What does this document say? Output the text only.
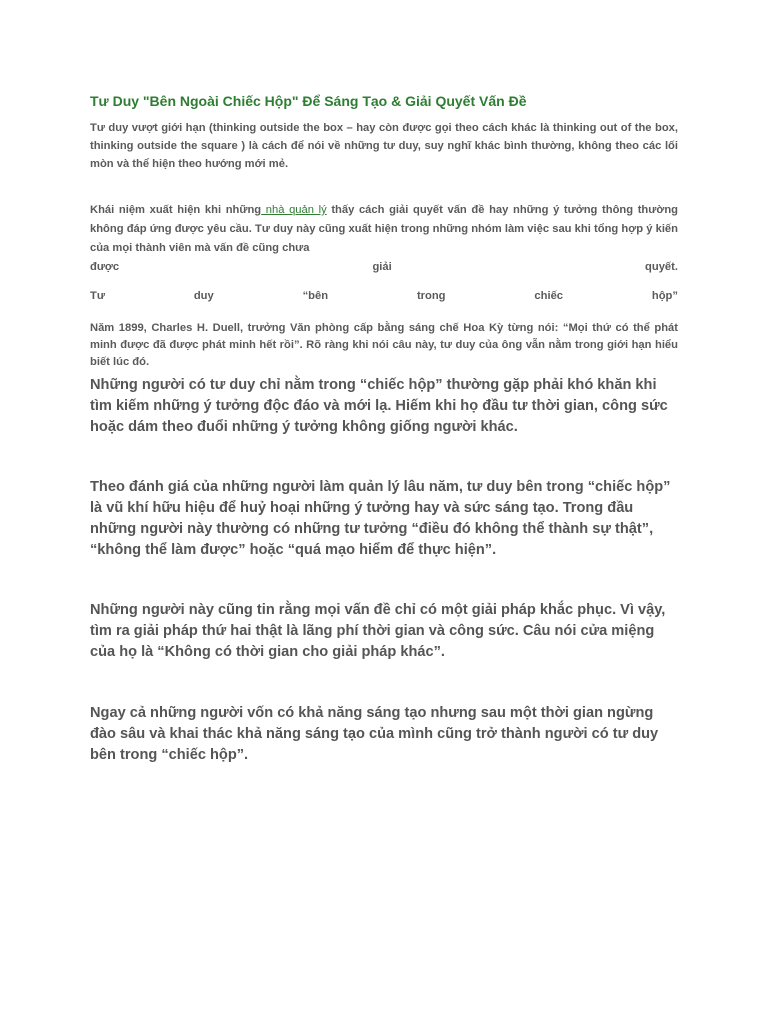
Tư Duy "Bên Ngoài Chiếc Hộp" Để Sáng Tạo & Giải Quyết Vấn Đề
Tư duy vượt giới hạn (thinking outside the box – hay còn được gọi theo cách khác là thinking out of the box, thinking outside the square ) là cách để nói về những tư duy, suy nghĩ khác bình thường, không theo các lối mòn và thể hiện theo hướng mới mẻ.
Khái niệm xuất hiện khi những nhà quản lý thấy cách giải quyết vấn đề hay những ý tưởng thông thường không đáp ứng được yêu cầu. Tư duy này cũng xuất hiện trong những nhóm làm việc sau khi tổng hợp ý kiến của mọi thành viên mà vấn đề cũng chưa
được	giải	quyết.
Tư	duy	“bên	trong	chiếc	hộp”
Năm 1899, Charles H. Duell, trưởng Văn phòng cấp bằng sáng chế Hoa Kỳ từng nói: “Mọi thứ có thể phát minh được đã được phát minh hết rồi”. Rõ ràng khi nói câu này, tư duy của ông vẫn nằm trong giới hạn hiểu biết lúc đó.
Những người có tư duy chỉ nằm trong “chiếc hộp” thường gặp phải khó khăn khi tìm kiếm những ý tưởng độc đáo và mới lạ. Hiếm khi họ đầu tư thời gian, công sức hoặc dám theo đuổi những ý tưởng không giống người khác.
Theo đánh giá của những người làm quản lý lâu năm, tư duy bên trong “chiếc hộp” là vũ khí hữu hiệu để huỷ hoại những ý tưởng hay và sức sáng tạo. Trong đầu những người này thường có những tư tưởng “điều đó không thể thành sự thật”, “không thể làm được” hoặc “quá mạo hiểm để thực hiện”.
Những người này cũng tin rằng mọi vấn đề chỉ có một giải pháp khắc phục. Vì vậy, tìm ra giải pháp thứ hai thật là lãng phí thời gian và công sức. Câu nói cửa miệng của họ là “Không có thời gian cho giải pháp khác”.
Ngay cả những người vốn có khả năng sáng tạo nhưng sau một thời gian ngừng đào sâu và khai thác khả năng sáng tạo của mình cũng trở thành người có tư duy bên trong “chiếc hộp”.
